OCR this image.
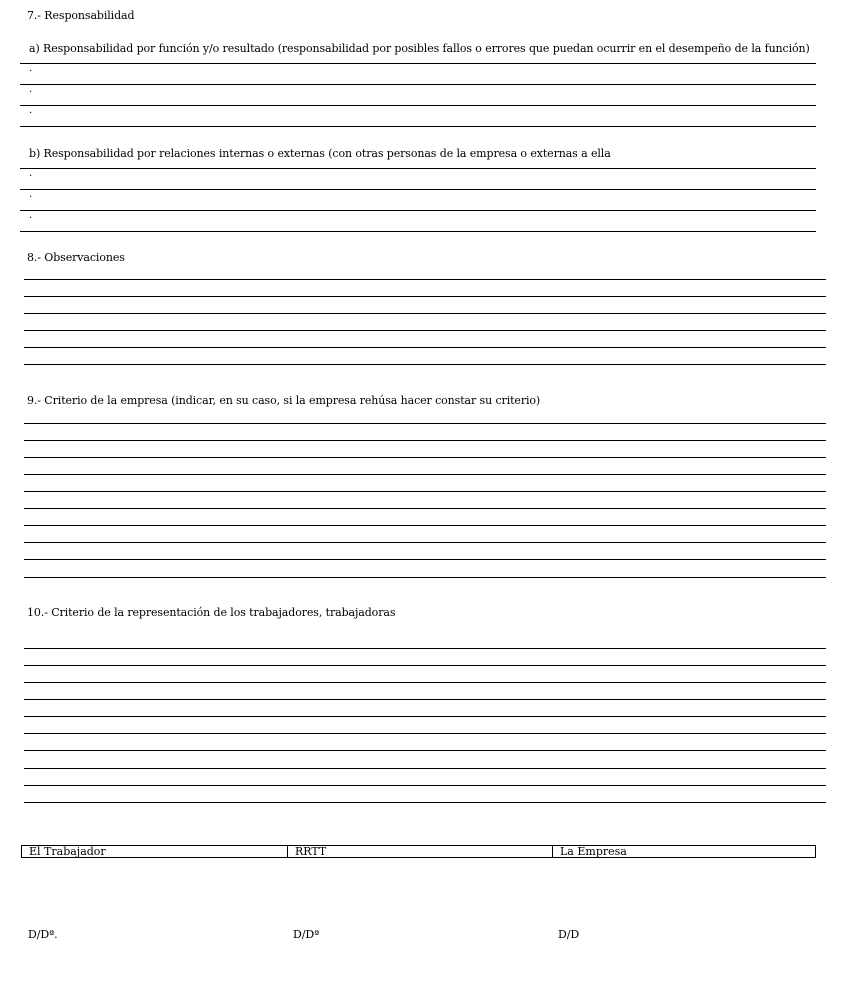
7.- Responsabilidad
a) Responsabilidad por función y/o resultado (responsabilidad por posibles fallos o errores que puedan ocurrir en el desempeño de la función)
·
·
·
b) Responsabilidad por relaciones internas o externas (con otras personas de la empresa o externas a ella
·
·
·
8.- Observaciones
9.- Criterio de la empresa (indicar, en su caso, si la empresa rehúsa hacer constar su criterio)
10.- Criterio de la representación de los trabajadores, trabajadoras
El Trabajador	RRTT	La Empresa
D/Dª.	D/Dª	D/D
